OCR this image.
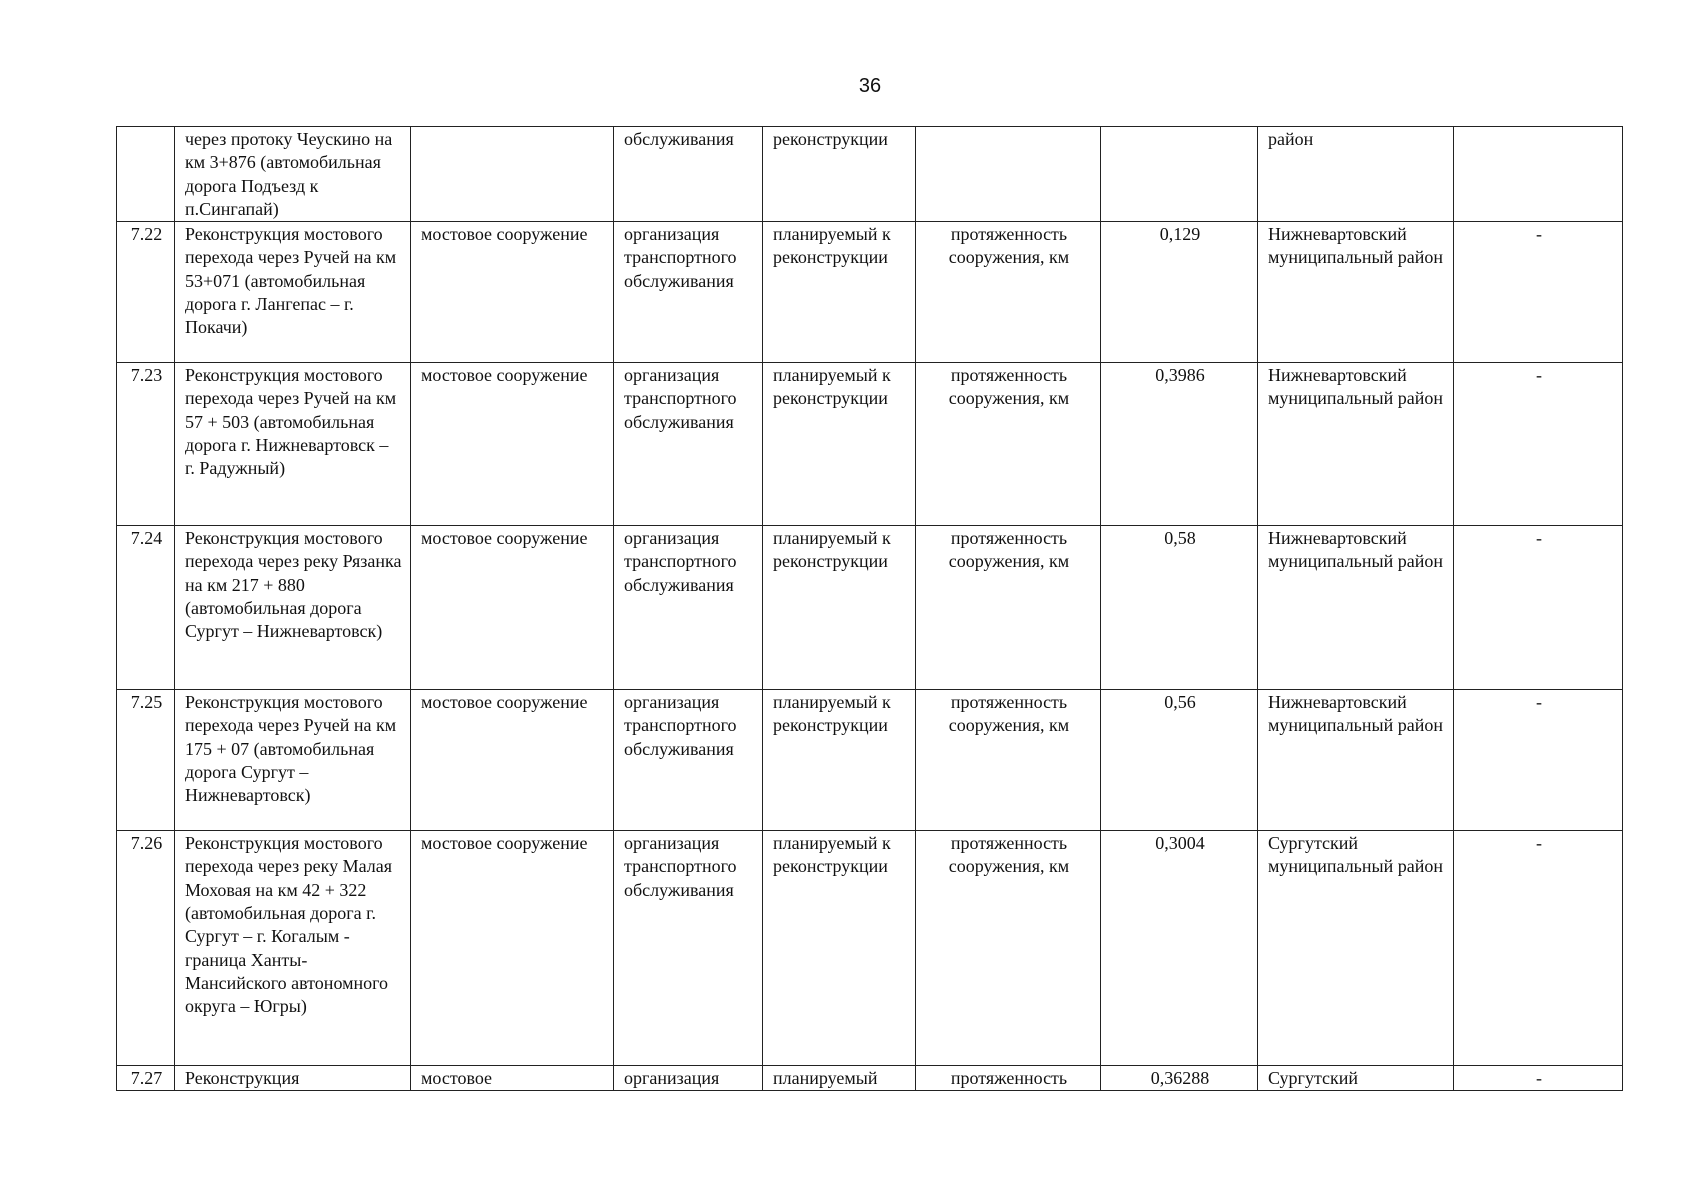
36
	через протоку Чеускино на км 3+876 (автомобильная дорога Подъезд к п.Сингапай)		обслуживания	реконструкции			район	
7.22	Реконструкция мостового перехода через Ручей на км 53+071 (автомобильная дорога г. Лангепас – г. Покачи)	мостовое сооружение	организация транспортного обслуживания	планируемый к реконструкции	протяженность сооружения, км	0,129	Нижневартовский муниципальный район	-
7.23	Реконструкция мостового перехода через Ручей на км 57 + 503 (автомобильная дорога г. Нижневартовск – г. Радужный)	мостовое сооружение	организация транспортного обслуживания	планируемый к реконструкции	протяженность сооружения, км	0,3986	Нижневартовский муниципальный район	-
7.24	Реконструкция мостового перехода через реку Рязанка на км 217 + 880 (автомобильная дорога Сургут – Нижневартовск)	мостовое сооружение	организация транспортного обслуживания	планируемый к реконструкции	протяженность сооружения, км	0,58	Нижневартовский муниципальный район	-
7.25	Реконструкция мостового перехода через Ручей на км 175 + 07 (автомобильная дорога Сургут – Нижневартовск)	мостовое сооружение	организация транспортного обслуживания	планируемый к реконструкции	протяженность сооружения, км	0,56	Нижневартовский муниципальный район	-
7.26	Реконструкция мостового перехода через реку Малая Моховая на км 42 + 322 (автомобильная дорога г. Сургут – г. Когалым - граница Ханты-Мансийского автономного округа – Югры)	мостовое сооружение	организация транспортного обслуживания	планируемый к реконструкции	протяженность сооружения, км	0,3004	Сургутский муниципальный район	-
7.27	Реконструкция	мостовое	организация	планируемый	протяженность	0,36288	Сургутский	-
